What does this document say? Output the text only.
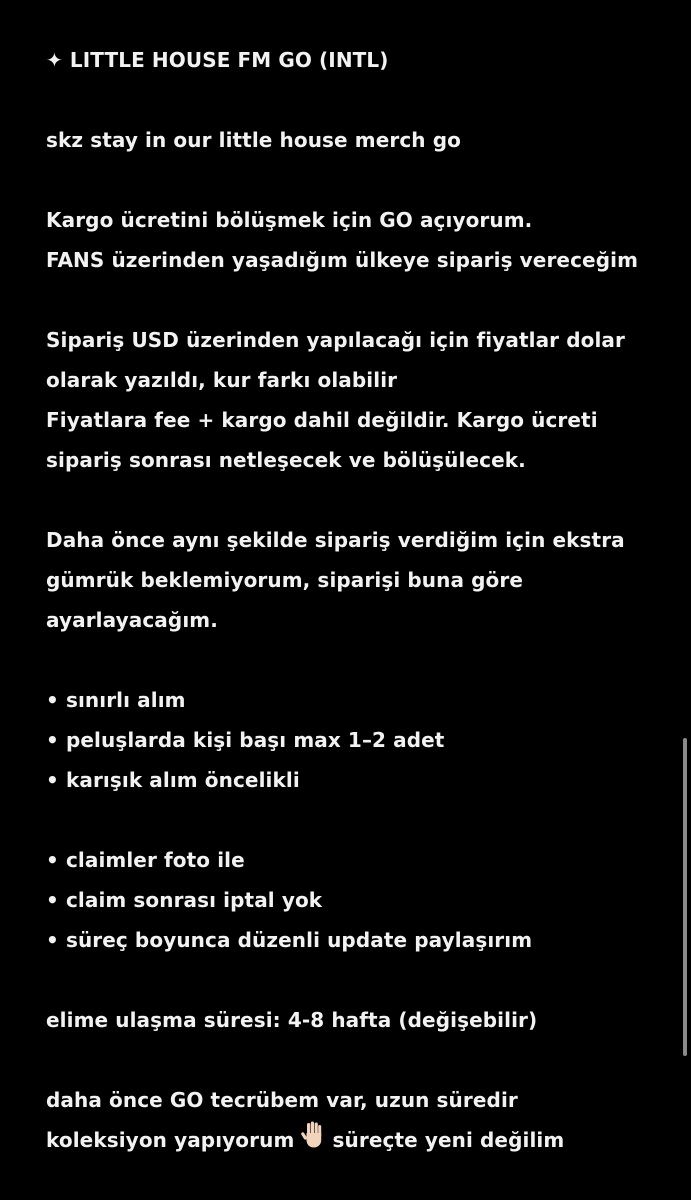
✦ LITTLE HOUSE FM GO (INTL)
skz stay in our little house merch go
Kargo ücretini bölüşmek için GO açıyorum.
FANS üzerinden yaşadığım ülkeye sipariş vereceğim
Sipariş USD üzerinden yapılacağı için fiyatlar dolar
olarak yazıldı, kur farkı olabilir
Fiyatlara fee + kargo dahil değildir. Kargo ücreti
sipariş sonrası netleşecek ve bölüşülecek.
Daha önce aynı şekilde sipariş verdiğim için ekstra
gümrük beklemiyorum, siparişi buna göre
ayarlayacağım.
• sınırlı alım
• peluşlarda kişi başı max 1–2 adet
• karışık alım öncelikli
• claimler foto ile
• claim sonrası iptal yok
• süreç boyunca düzenli update paylaşırım
elime ulaşma süresi: 4-8 hafta (değişebilir)
daha önce GO tecrübem var, uzun süredir
koleksiyon yapıyorum süreçte yeni değilim
